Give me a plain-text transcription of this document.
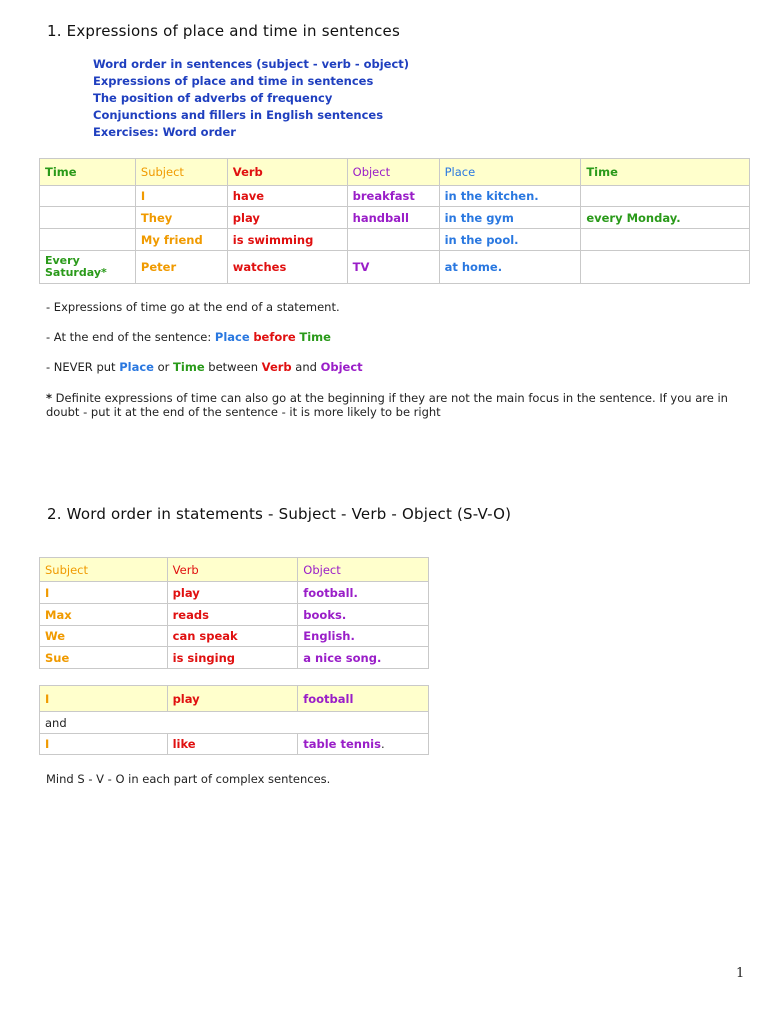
1. Expressions of place and time in sentences
Word order in sentences (subject - verb - object)
Expressions of place and time in sentences
The position of adverbs of frequency
Conjunctions and fillers in English sentences
Exercises: Word order
Time	Subject	Verb	Object	Place	Time
	I	have	breakfast	in the kitchen.	
	They	play	handball	in the gym	every Monday.
	My friend	is swimming		in the pool.	
Every Saturday*	Peter	watches	TV	at home.	
- Expressions of time go at the end of a statement.
- At the end of the sentence: Place before Time
- NEVER put Place or Time between Verb and Object
* Definite expressions of time can also go at the beginning if they are not the main focus in the sentence. If you are in doubt - put it at the end of the sentence - it is more likely to be right
2. Word order in statements - Subject - Verb - Object (S-V-O)
Subject	Verb	Object
I	play	football.
Max	reads	books.
We	can speak	English.
Sue	is singing	a nice song.
I	play	football
and		
I	like	table tennis.
Mind S - V - O in each part of complex sentences.
1
